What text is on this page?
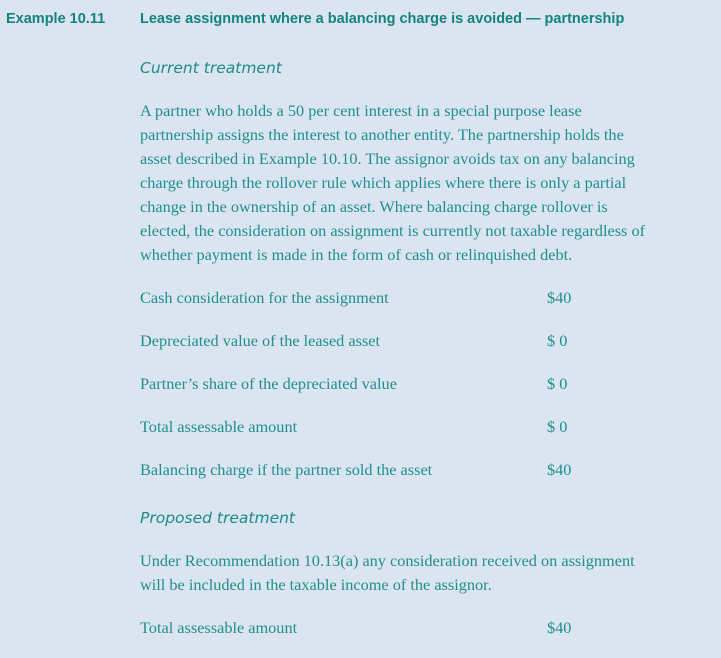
Example 10.11 Lease assignment where a balancing charge is avoided — partnership
Current treatment
A partner who holds a 50 per cent interest in a special purpose lease
partnership assigns the interest to another entity. The partnership holds the
asset described in Example 10.10. The assignor avoids tax on any balancing
charge through the rollover rule which applies where there is only a partial
change in the ownership of an asset. Where balancing charge rollover is
elected, the consideration on assignment is currently not taxable regardless of
whether payment is made in the form of cash or relinquished debt.
Cash consideration for the assignment	$40
Depreciated value of the leased asset	$ 0
Partner’s share of the depreciated value	$ 0
Total assessable amount	$ 0
Balancing charge if the partner sold the asset	$40
Proposed treatment
Under Recommendation 10.13(a) any consideration received on assignment
will be included in the taxable income of the assignor.
Total assessable amount	$40
